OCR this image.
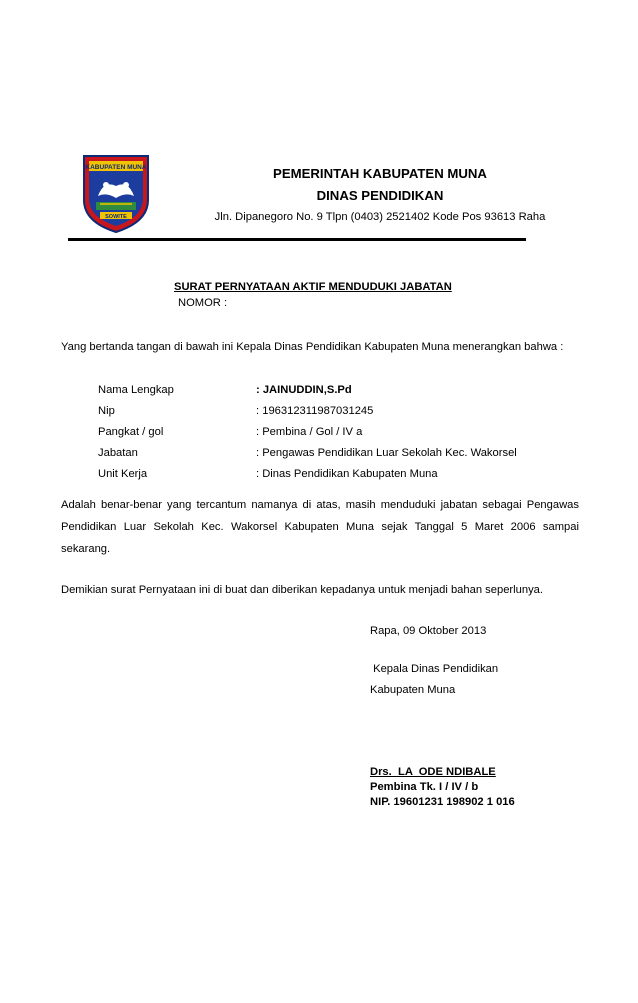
KABUPATEN MUNA
SOWITE
PEMERINTAH KABUPATEN MUNA
DINAS PENDIDIKAN
Jln. Dipanegoro No. 9 Tlpn (0403) 2521402 Kode Pos 93613 Raha
SURAT PERNYATAAN AKTIF MENDUDUKI JABATAN
NOMOR :
Yang bertanda tangan di bawah ini Kepala Dinas Pendidikan Kabupaten Muna menerangkan bahwa :
Nama Lengkap	: JAINUDDIN,S.Pd
Nip	: 196312311987031245
Pangkat / gol	: Pembina / Gol / IV a
Jabatan	: Pengawas Pendidikan Luar Sekolah Kec. Wakorsel
Unit Kerja	: Dinas Pendidikan Kabupaten Muna
Adalah benar-benar yang tercantum namanya di atas, masih menduduki jabatan sebagai Pengawas Pendidikan Luar Sekolah Kec. Wakorsel Kabupaten Muna sejak Tanggal 5 Maret 2006 sampai sekarang.
Demikian surat Pernyataan ini di buat dan diberikan kepadanya untuk menjadi bahan seperlunya.
Rapa, 09 Oktober 2013
Kepala Dinas Pendidikan
Kabupaten Muna
Drs.  LA  ODE NDIBALE
Pembina Tk. I / IV / b
NIP. 19601231 198902 1 016
